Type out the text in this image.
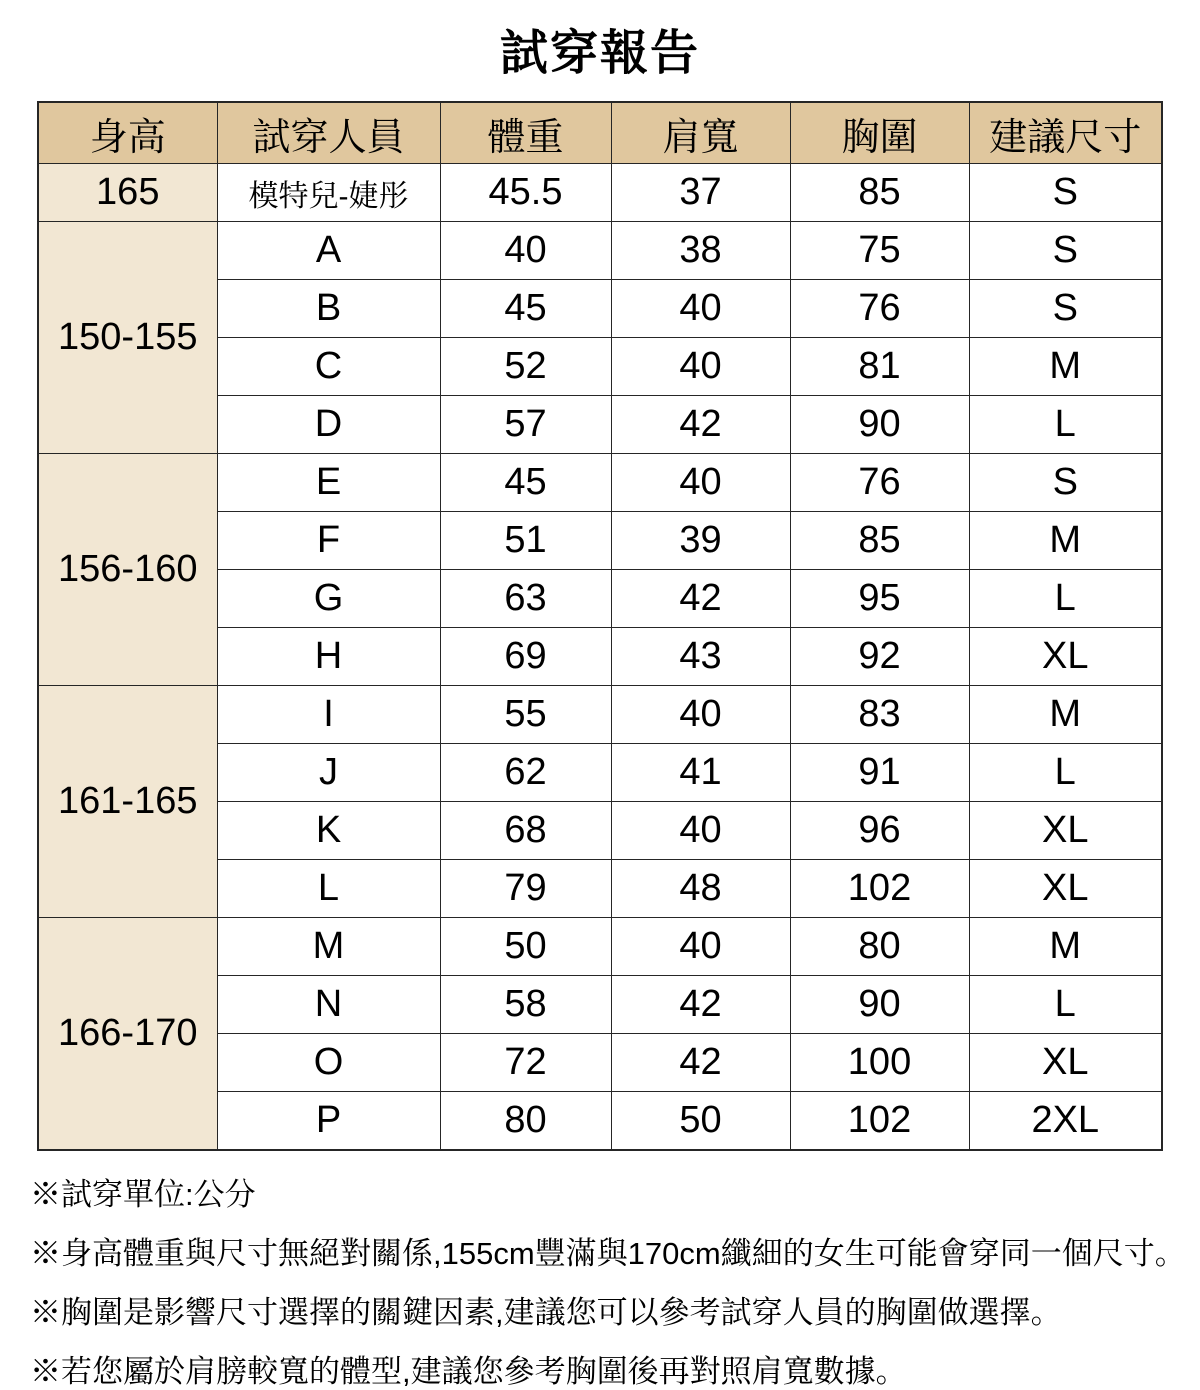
試穿報告
身高	試穿人員	體重	肩寬	胸圍	建議尺寸
165	模特兒-婕彤	45.5	37	85	S
150-155	A	40	38	75	S
	B	45	40	76	S
	C	52	40	81	M
	D	57	42	90	L
156-160	E	45	40	76	S
	F	51	39	85	M
	G	63	42	95	L
	H	69	43	92	XL
161-165	I	55	40	83	M
	J	62	41	91	L
	K	68	40	96	XL
	L	79	48	102	XL
166-170	M	50	40	80	M
	N	58	42	90	L
	O	72	42	100	XL
	P	80	50	102	2XL

※試穿單位:公分

※身高體重與尺寸無絕對關係,155cm豐滿與170cm纖細的女生可能會穿同一個尺寸。

※胸圍是影響尺寸選擇的關鍵因素,建議您可以參考試穿人員的胸圍做選擇。

※若您屬於肩膀較寬的體型,建議您參考胸圍後再對照肩寬數據。
